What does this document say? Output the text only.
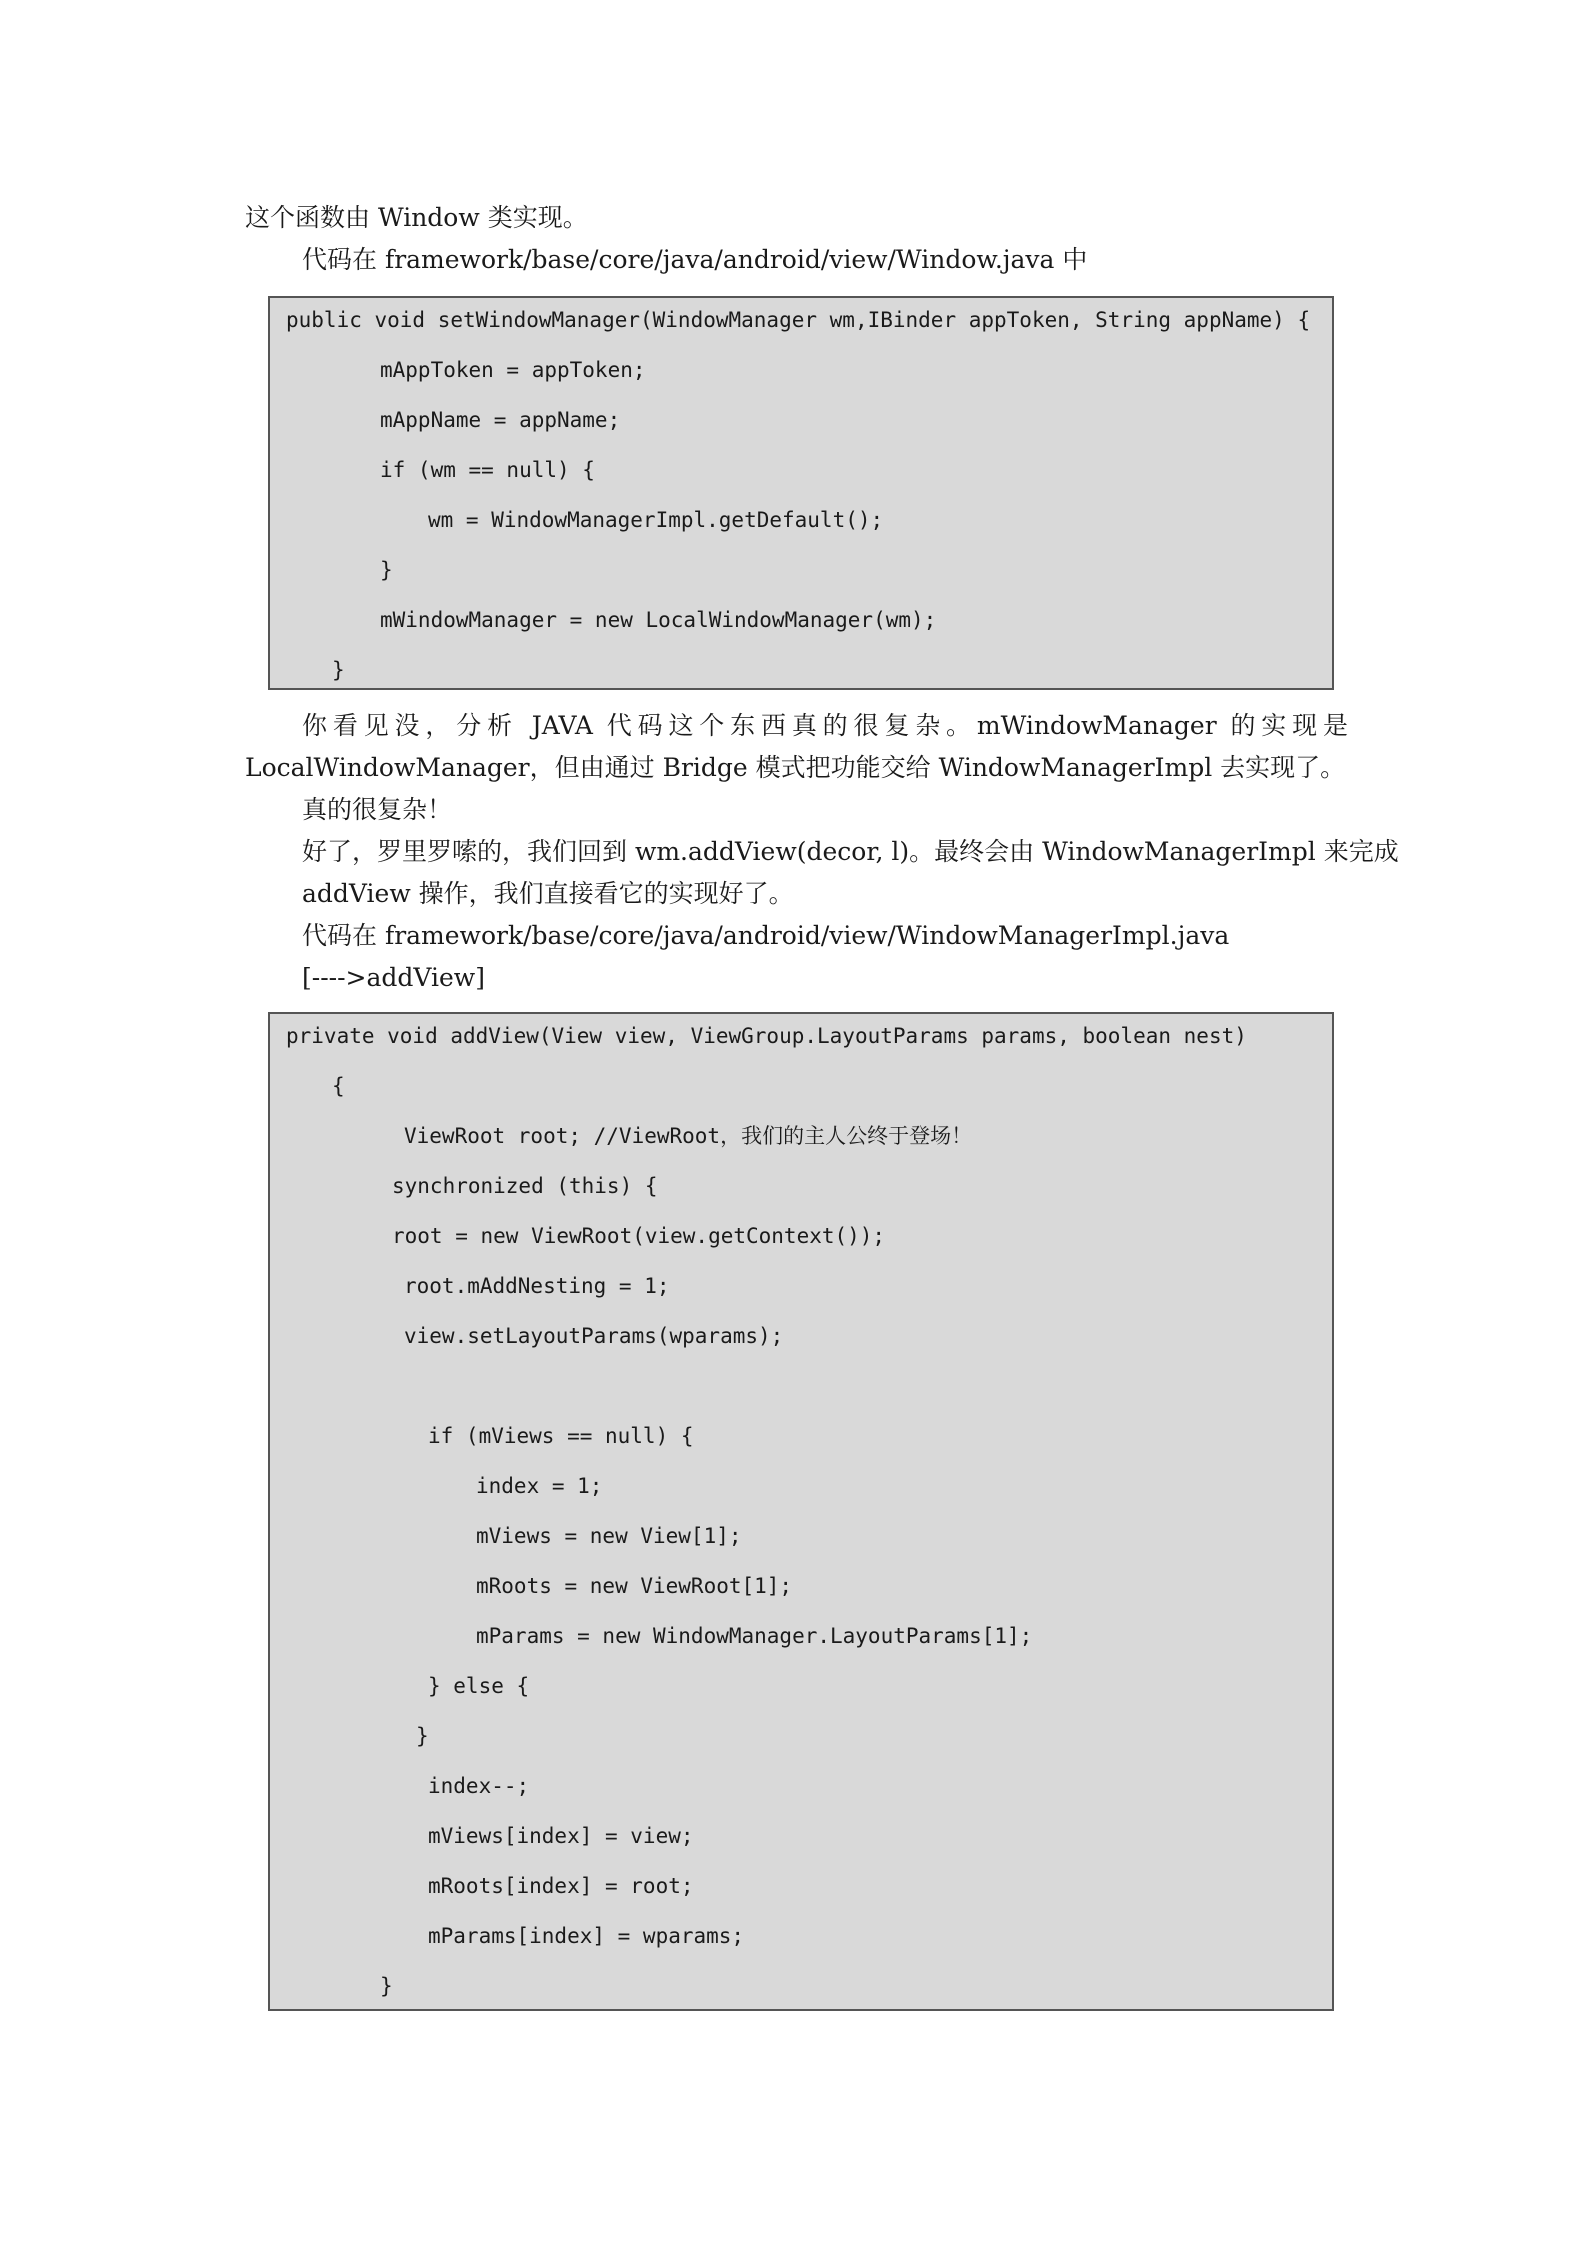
这个函数由 Window 类实现。
代码在 framework/base/core/java/android/view/Window.java 中
public void setWindowManager(WindowManager wm,IBinder appToken, String appName) {
mAppToken = appToken;
mAppName = appName;
if (wm == null) {
wm = WindowManagerImpl.getDefault();
}
mWindowManager = new LocalWindowManager(wm);
}
你看见没，分析 JAVA 代码这个东西真的很复杂。mWindowManager 的实现是
LocalWindowManager，但由通过 Bridge 模式把功能交给 WindowManagerImpl 去实现了。
真的很复杂！
好了，罗里罗嗦的，我们回到 wm.addView(decor, l)。最终会由 WindowManagerImpl 来完成
addView 操作，我们直接看它的实现好了。
代码在 framework/base/core/java/android/view/WindowManagerImpl.java
[---->addView]
private void addView(View view, ViewGroup.LayoutParams params, boolean nest)
{
ViewRoot root; //ViewRoot，我们的主人公终于登场！
synchronized (this) {
root = new ViewRoot(view.getContext());
root.mAddNesting = 1;
view.setLayoutParams(wparams);
if (mViews == null) {
index = 1;
mViews = new View[1];
mRoots = new ViewRoot[1];
mParams = new WindowManager.LayoutParams[1];
} else {
}
index--;
mViews[index] = view;
mRoots[index] = root;
mParams[index] = wparams;
}
